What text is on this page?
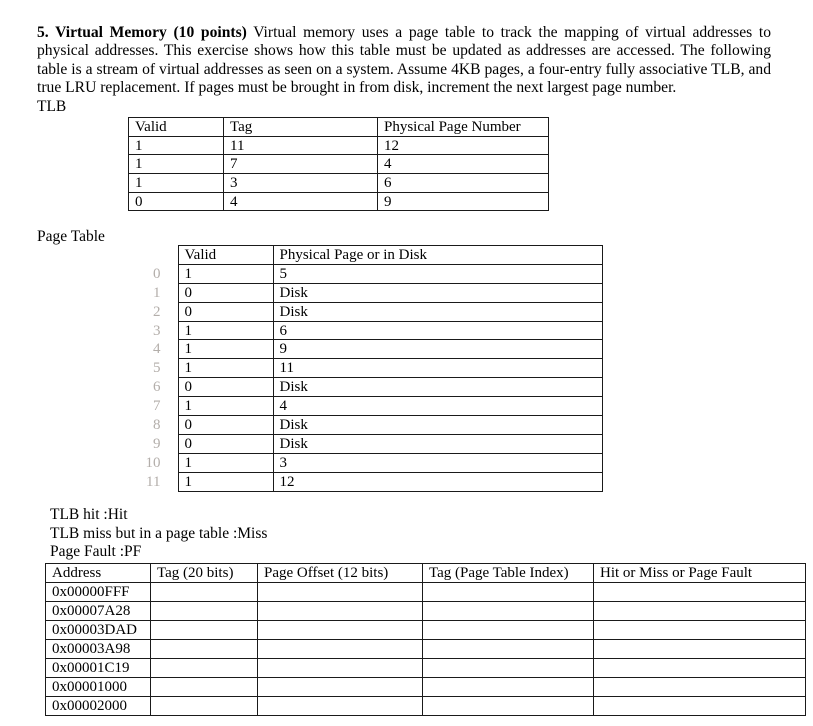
5. Virtual Memory (10 points) Virtual memory uses a page table to track the mapping of virtual addresses to physical addresses. This exercise shows how this table must be updated as addresses are accessed. The following table is a stream of virtual addresses as seen on a system. Assume 4KB pages, a four-entry fully associative TLB, and true LRU replacement. If pages must be brought in from disk, increment the next largest page number.

TLB
Valid	Tag	Physical Page Number
1	11	12
1	7	4
1	3	6
0	4	9
Page Table
	Valid	Physical Page or in Disk
0	1	5
1	0	Disk
2	0	Disk
3	1	6
4	1	9
5	1	11
6	0	Disk
7	1	4
8	0	Disk
9	0	Disk
10	1	3
11	1	12
TLB hit :Hit
TLB miss but in a page table :Miss
Page Fault :PF
Address	Tag (20 bits)	Page Offset (12 bits)	Tag (Page Table Index)	Hit or Miss or Page Fault
0x00000FFF				
0x00007A28				
0x00003DAD				
0x00003A98				
0x00001C19				
0x00001000				
0x00002000				
